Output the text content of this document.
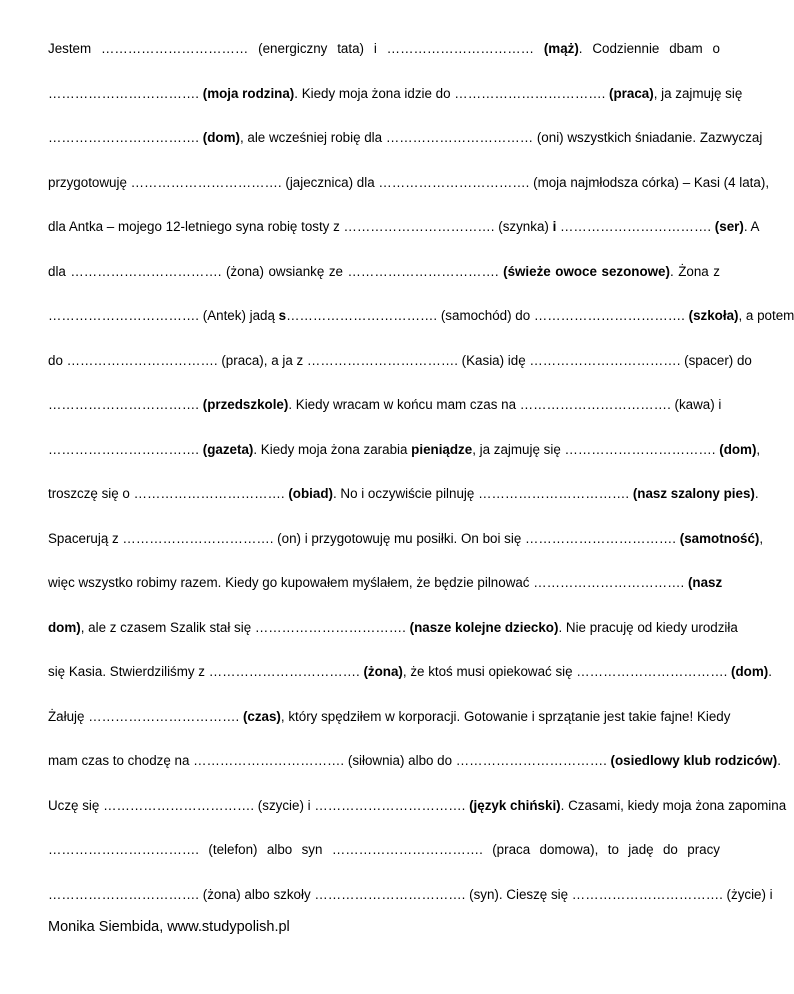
Jestem …………………………… (energiczny tata) i …………………………… (mąż). Codziennie dbam o
……………………………. (moja rodzina). Kiedy moja żona idzie do ……………………………. (praca), ja zajmuję się
……………………………. (dom), ale wcześniej robię dla …………………………… (oni) wszystkich śniadanie. Zazwyczaj
przygotowuję ……………………………. (jajecznica) dla ……………………………. (moja najmłodsza córka) – Kasi (4 lata),
dla Antka – mojego 12-letniego syna robię tosty z ……………………………. (szynka) i ……………………………. (ser). A
dla ……………………………. (żona) owsiankę ze ……………………………. (świeże owoce sezonowe). Żona z
……………………………. (Antek) jadą s……………………………. (samochód) do ……………………………. (szkoła), a potem
do ……………………………. (praca), a ja z ……………………………. (Kasia) idę ……………………………. (spacer) do
……………………………. (przedszkole). Kiedy wracam w końcu mam czas na ……………………………. (kawa) i
……………………………. (gazeta). Kiedy moja żona zarabia pieniądze, ja zajmuję się ……………………………. (dom),
troszczę się o ……………………………. (obiad). No i oczywiście pilnuję ……………………………. (nasz szalony pies).
Spacerują z ……………………………. (on) i przygotowuję mu posiłki. On boi się ……………………………. (samotność),
więc wszystko robimy razem. Kiedy go kupowałem myślałem, że będzie pilnować ……………………………. (nasz
dom), ale z czasem Szalik stał się ……………………………. (nasze kolejne dziecko). Nie pracuję od kiedy urodziła
się Kasia. Stwierdziliśmy z ……………………………. (żona), że ktoś musi opiekować się ……………………………. (dom).
Żałuję ……………………………. (czas), który spędziłem w korporacji. Gotowanie i sprzątanie jest takie fajne! Kiedy
mam czas to chodzę na ……………………………. (siłownia) albo do ……………………………. (osiedlowy klub rodziców).
Uczę się ……………………………. (szycie) i ……………………………. (język chiński). Czasami, kiedy moja żona zapomina
……………………………. (telefon) albo syn ……………………………. (praca domowa), to jadę do pracy
……………………………. (żona) albo szkoły ……………………………. (syn). Cieszę się ……………………………. (życie) i
Monika Siembida, www.studypolish.pl
